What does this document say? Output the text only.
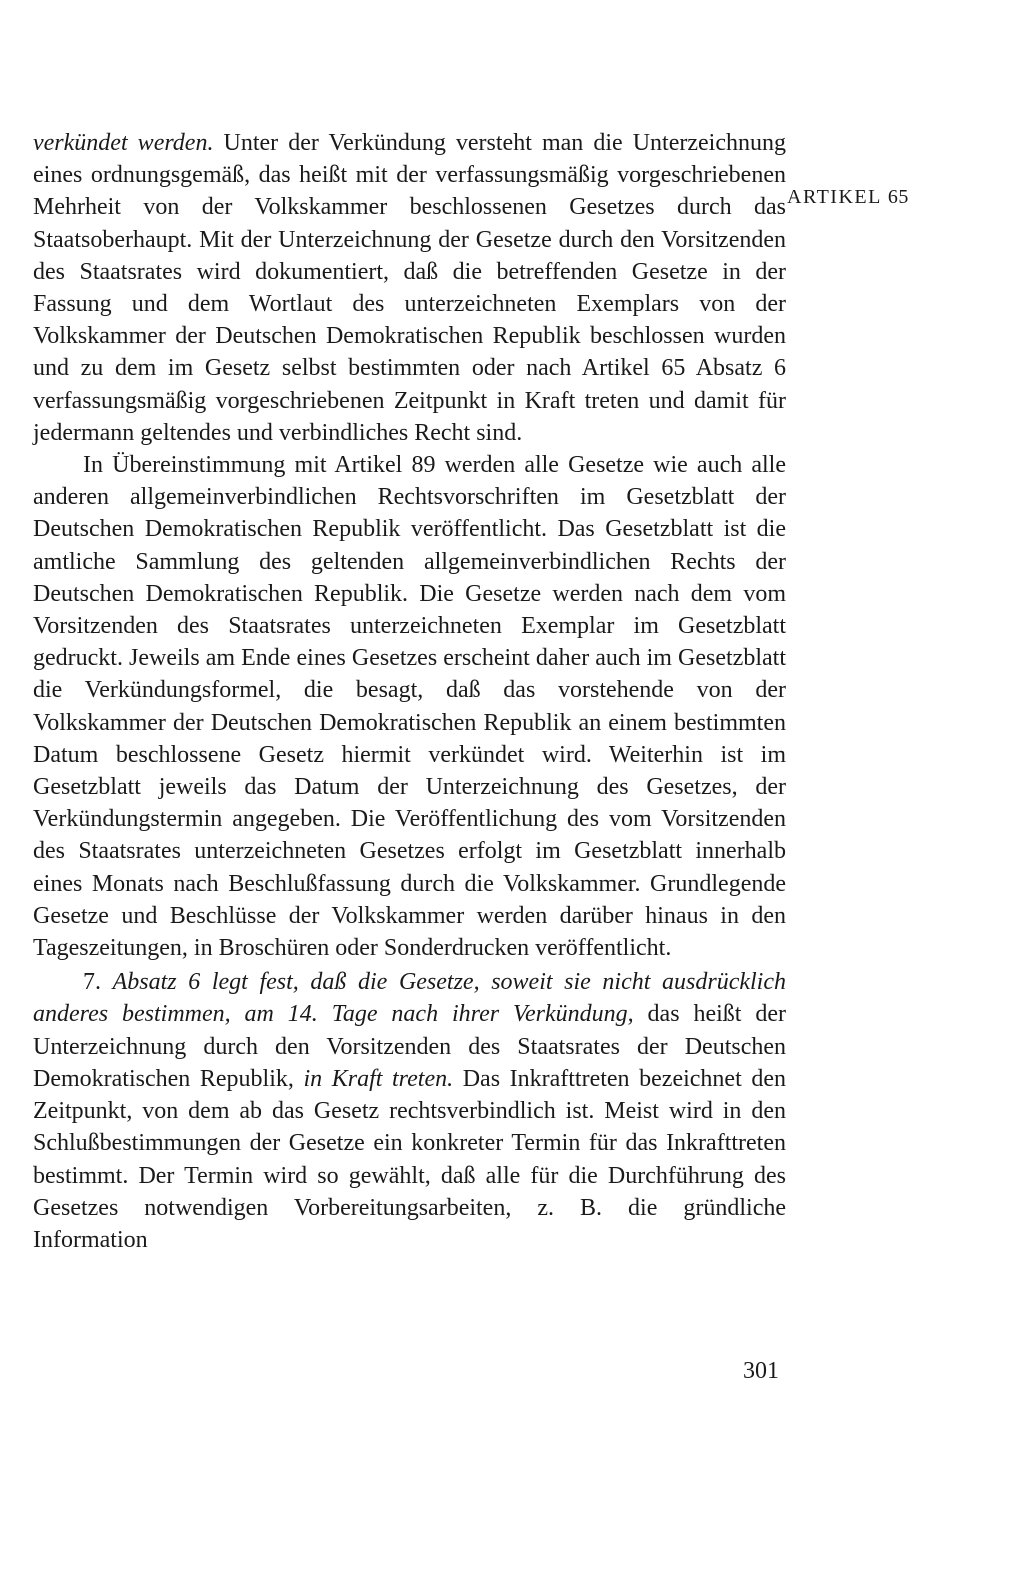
ARTIKEL 65

verkündet werden. Unter der Verkündung versteht man die Unterzeichnung eines ordnungsgemäß, das heißt mit der verfassungsmäßig vorgeschriebenen Mehrheit von der Volkskammer beschlossenen Gesetzes durch das Staatsoberhaupt. Mit der Unterzeichnung der Gesetze durch den Vorsitzenden des Staatsrates wird dokumentiert, daß die betreffenden Gesetze in der Fassung und dem Wortlaut des unterzeichneten Exemplars von der Volkskammer der Deutschen Demokratischen Republik beschlossen wurden und zu dem im Gesetz selbst bestimmten oder nach Artikel 65 Absatz 6 verfassungsmäßig vorgeschriebenen Zeitpunkt in Kraft treten und damit für jedermann geltendes und verbindliches Recht sind.

In Übereinstimmung mit Artikel 89 werden alle Gesetze wie auch alle anderen allgemeinverbindlichen Rechtsvorschriften im Gesetzblatt der Deutschen Demokratischen Republik veröffentlicht. Das Gesetzblatt ist die amtliche Sammlung des geltenden allgemeinverbindlichen Rechts der Deutschen Demokratischen Republik. Die Gesetze werden nach dem vom Vorsitzenden des Staatsrates unterzeichneten Exemplar im Gesetzblatt gedruckt. Jeweils am Ende eines Gesetzes erscheint daher auch im Gesetzblatt die Verkündungsformel, die besagt, daß das vorstehende von der Volkskammer der Deutschen Demokratischen Republik an einem bestimmten Datum beschlossene Gesetz hiermit verkündet wird. Weiterhin ist im Gesetzblatt jeweils das Datum der Unterzeichnung des Gesetzes, der Verkündungstermin angegeben. Die Veröffentlichung des vom Vorsitzenden des Staatsrates unterzeichneten Gesetzes erfolgt im Gesetzblatt innerhalb eines Monats nach Beschlußfassung durch die Volkskammer. Grundlegende Gesetze und Beschlüsse der Volkskammer werden darüber hinaus in den Tageszeitungen, in Broschüren oder Sonderdrucken veröffentlicht.

7. Absatz 6 legt fest, daß die Gesetze, soweit sie nicht ausdrücklich anderes bestimmen, am 14. Tage nach ihrer Verkündung, das heißt der Unterzeichnung durch den Vorsitzenden des Staatsrates der Deutschen Demokratischen Republik, in Kraft treten. Das Inkrafttreten bezeichnet den Zeitpunkt, von dem ab das Gesetz rechtsverbindlich ist. Meist wird in den Schlußbestimmungen der Gesetze ein konkreter Termin für das Inkrafttreten bestimmt. Der Termin wird so gewählt, daß alle für die Durchführung des Gesetzes notwendigen Vorbereitungsarbeiten, z. B. die gründliche Information

301
